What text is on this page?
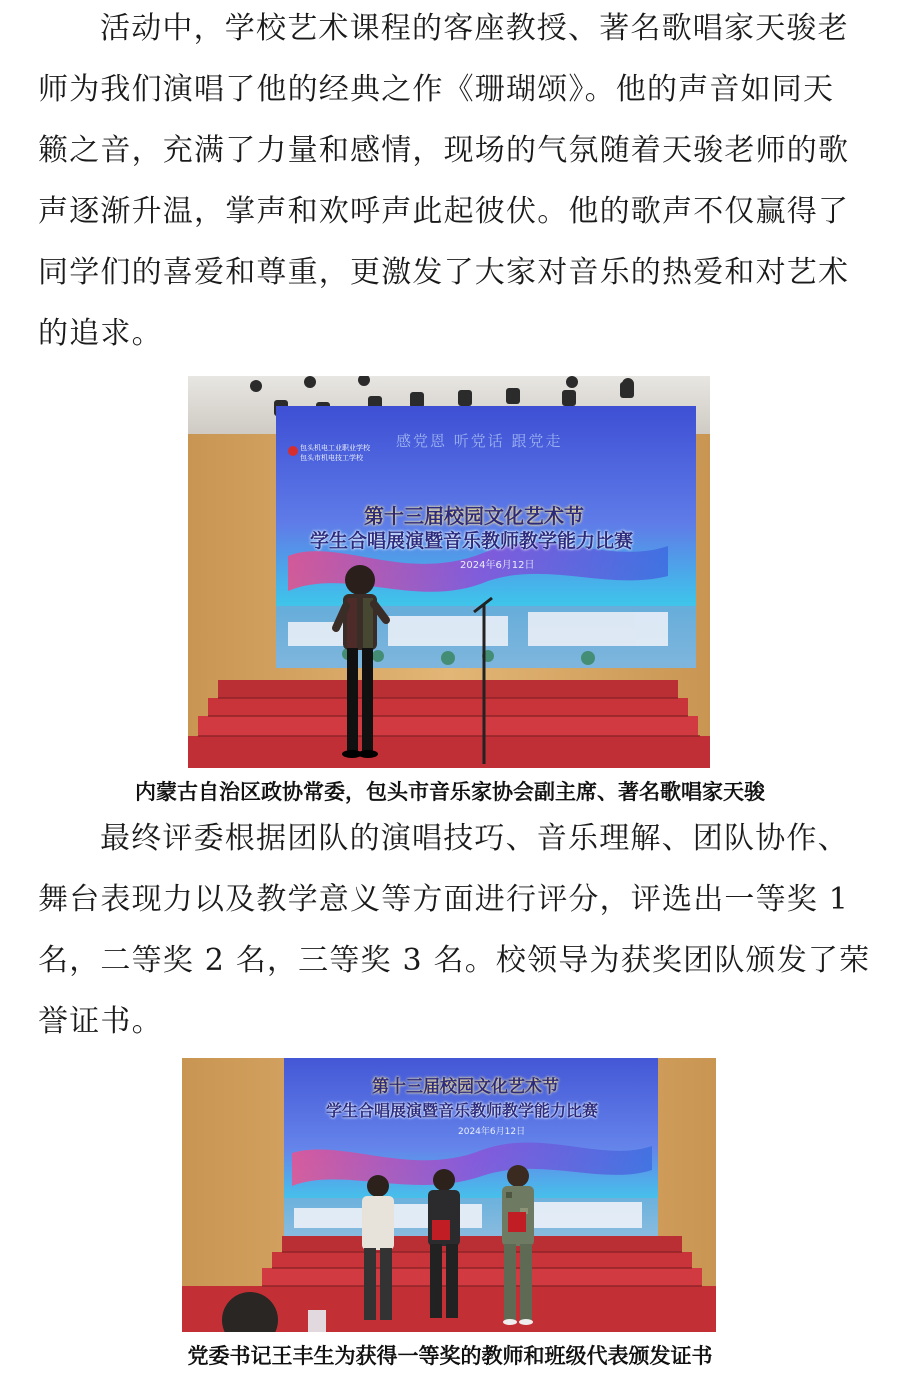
活动中，学校艺术课程的客座教授、著名歌唱家天骏老
师为我们演唱了他的经典之作《珊瑚颂》。他的声音如同天
籁之音，充满了力量和感情，现场的气氛随着天骏老师的歌
声逐渐升温，掌声和欢呼声此起彼伏。他的歌声不仅赢得了
同学们的喜爱和尊重，更激发了大家对音乐的热爱和对艺术
的追求。
包头机电工业职业学校
包头市机电技工学校
感党恩 听党话 跟党走
第十三届校园文化艺术节
学生合唱展演暨音乐教师教学能力比赛
2024年6月12日
内蒙古自治区政协常委，包头市音乐家协会副主席、著名歌唱家天骏
最终评委根据团队的演唱技巧、音乐理解、团队协作、
舞台表现力以及教学意义等方面进行评分，评选出一等奖 1
名，二等奖 2 名，三等奖 3 名。校领导为获奖团队颁发了荣
誉证书。
第十三届校园文化艺术节
学生合唱展演暨音乐教师教学能力比赛
2024年6月12日
党委书记王丰生为获得一等奖的教师和班级代表颁发证书
